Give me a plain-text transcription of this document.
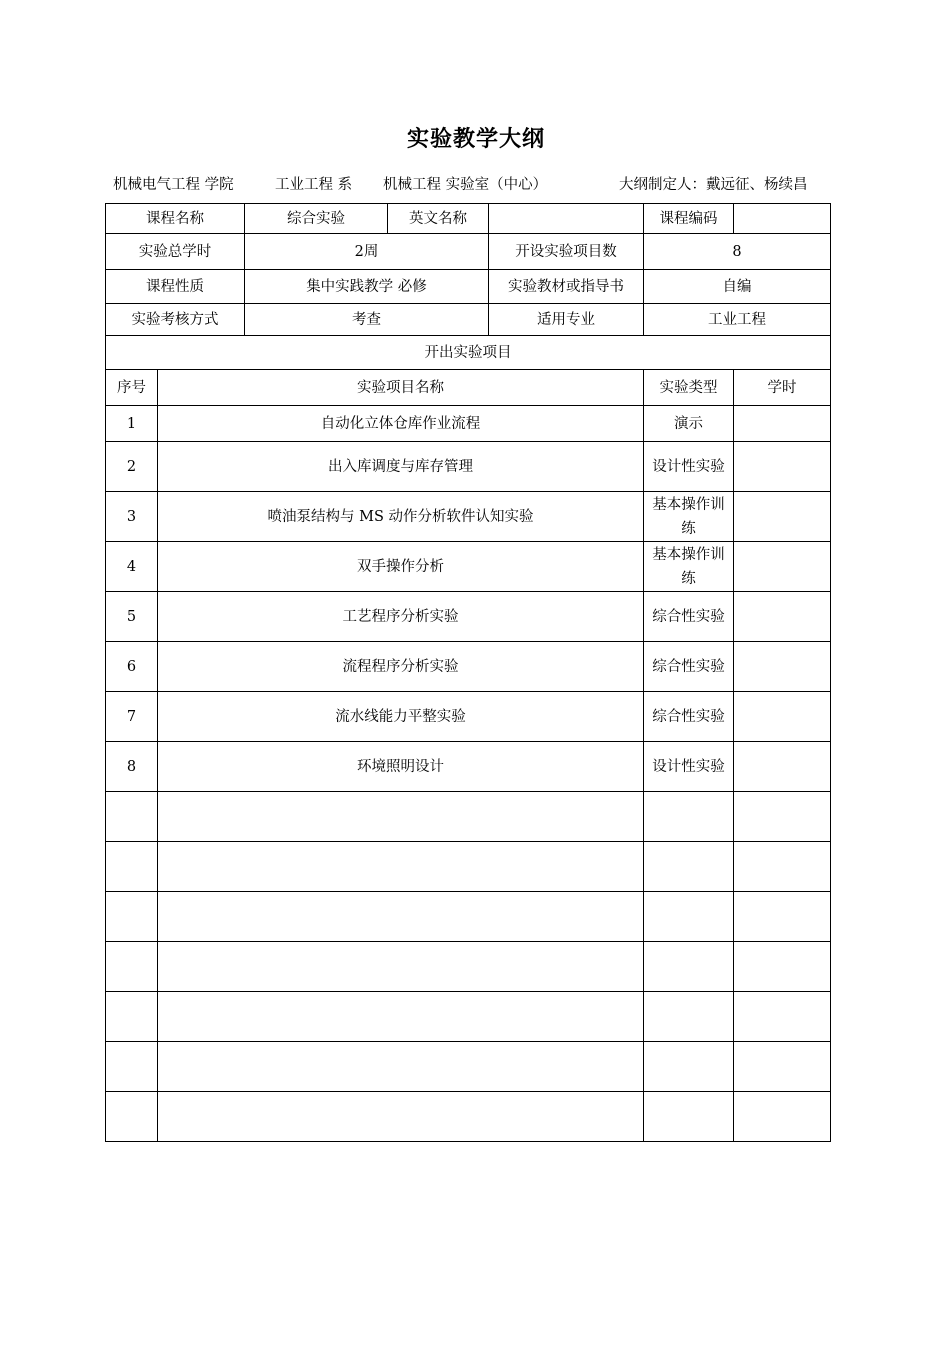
实验教学大纲
机械电气工程 学院	工业工程 系 机械工程 实验室（中心）	大纲制定人：戴远征、杨续昌
课程名称		综合实验	英文名称		课程编码	
实验总学时		2周		开设实验项目数	8	
课程性质		集中实践教学 必修		实验教材或指导书	自编	
实验考核方式		考查		适用专业	工业工程	
开出实验项目						
序号	实验项目名称				实验类型	学时
1	自动化立体仓库作业流程				演示	
2	出入库调度与库存管理				设计性实验	
3	喷油泵结构与 MS 动作分析软件认知实验				基本操作训练	
4	双手操作分析				基本操作训练	
5	工艺程序分析实验				综合性实验	
6	流程程序分析实验				综合性实验	
7	流水线能力平整实验				综合性实验	
8	环境照明设计				设计性实验	
